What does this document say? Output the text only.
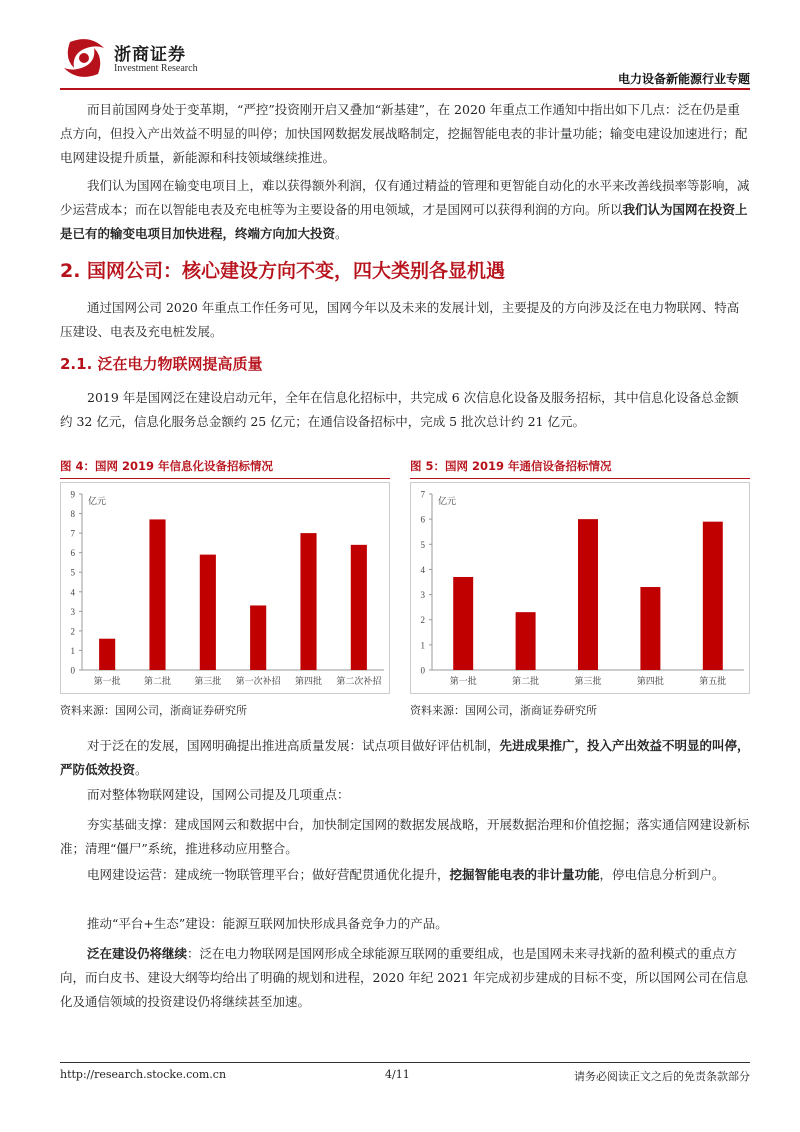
浙商证券
Investment Research
电力设备新能源行业专题

而目前国网身处于变革期，“严控”投资刚开启又叠加“新基建”，在 2020 年重点工作通知中指出如下几点：泛在仍是重点方向，但投入产出效益不明显的叫停；加快国网数据发展战略制定，挖掘智能电表的非计量功能；输变电建设加速进行；配电网建设提升质量，新能源和科技领域继续推进。

我们认为国网在输变电项目上，难以获得额外利润，仅有通过精益的管理和更智能自动化的水平来改善线损率等影响，减少运营成本；而在以智能电表及充电桩等为主要设备的用电领域，才是国网可以获得利润的方向。所以我们认为国网在投资上是已有的输变电项目加快进程，终端方向加大投资。

2. 国网公司：核心建设方向不变，四大类别各显机遇

通过国网公司 2020 年重点工作任务可见，国网今年以及未来的发展计划，主要提及的方向涉及泛在电力物联网、特高压建设、电表及充电桩发展。

2.1. 泛在电力物联网提高质量

2019 年是国网泛在建设启动元年，全年在信息化招标中，共完成 6 次信息化设备及服务招标，其中信息化设备总金额约 32 亿元，信息化服务总金额约 25 亿元；在通信设备招标中，完成 5 批次总计约 21 亿元。

图 4：国网 2019 年信息化设备招标情况
0
1
2
3
4
5
6
7
8
9
亿元
第一批	第二批	第三批 第一次补招 第四批 第二次补招
资料来源：国网公司，浙商证券研究所
图 5：国网 2019 年通信设备招标情况
0
1
2
3
4
5
6
7
亿元
第一批	第二批	第三批	第四批	第五批
资料来源：国网公司，浙商证券研究所

对于泛在的发展，国网明确提出推进高质量发展：试点项目做好评估机制，先进成果推广，投入产出效益不明显的叫停，严防低效投资。

而对整体物联网建设，国网公司提及几项重点：

夯实基础支撑：建成国网云和数据中台，加快制定国网的数据发展战略，开展数据治理和价值挖掘；落实通信网建设新标准；清理“僵尸”系统，推进移动应用整合。

电网建设运营：建成统一物联管理平台；做好营配贯通优化提升，挖掘智能电表的非计量功能，停电信息分析到户。

推动“平台+生态”建设：能源互联网加快形成具备竞争力的产品。

泛在建设仍将继续：泛在电力物联网是国网形成全球能源互联网的重要组成，也是国网未来寻找新的盈利模式的重点方向，而白皮书、建设大纲等均给出了明确的规划和进程，2020 年纪 2021 年完成初步建成的目标不变，所以国网公司在信息化及通信领域的投资建设仍将继续甚至加速。

http://research.stocke.com.cn	4/11	请务必阅读正文之后的免责条款部分
